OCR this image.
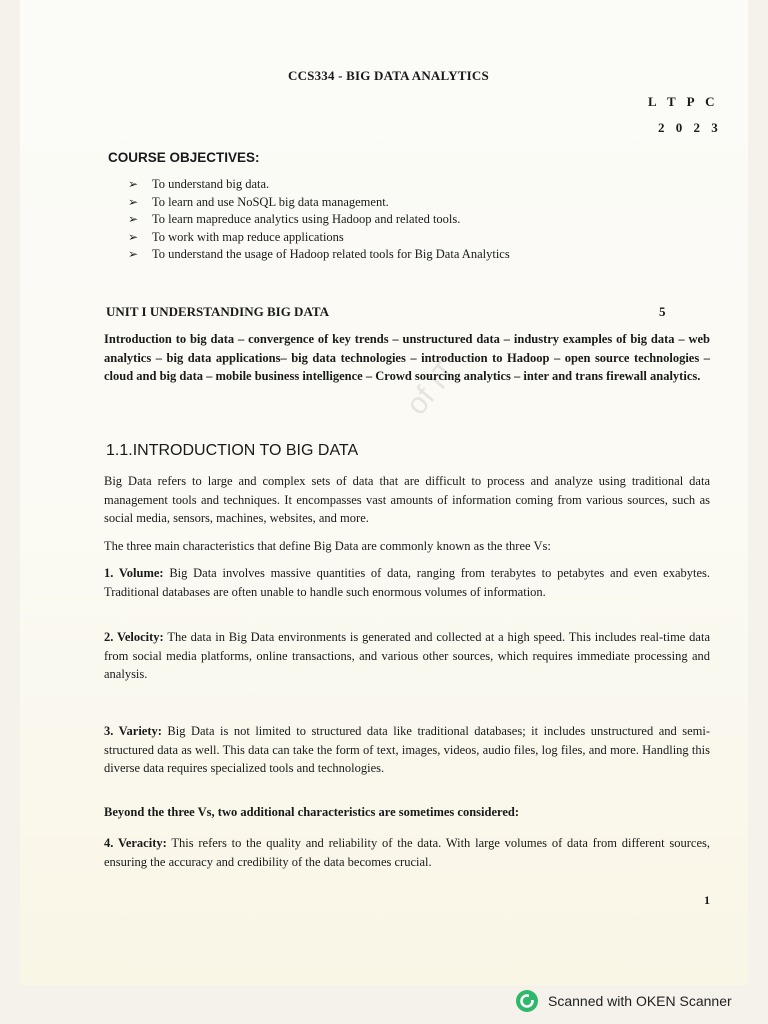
of IT
CCS334 - BIG DATA ANALYTICS
L T P C
2 0 2 3
COURSE OBJECTIVES:
➢ To understand big data.
➢ To learn and use NoSQL big data management.
➢ To learn mapreduce analytics using Hadoop and related tools.
➢ To work with map reduce applications
➢ To understand the usage of Hadoop related tools for Big Data Analytics
UNIT I UNDERSTANDING BIG DATA	5
Introduction to big data – convergence of key trends – unstructured data – industry examples of big data – web analytics – big data applications– big data technologies – introduction to Hadoop – open source technologies – cloud and big data – mobile business intelligence – Crowd sourcing analytics – inter and trans firewall analytics.
1.1.INTRODUCTION TO BIG DATA
Big Data refers to large and complex sets of data that are difficult to process and analyze using traditional data management tools and techniques. It encompasses vast amounts of information coming from various sources, such as social media, sensors, machines, websites, and more.
The three main characteristics that define Big Data are commonly known as the three Vs:
1. Volume: Big Data involves massive quantities of data, ranging from terabytes to petabytes and even exabytes. Traditional databases are often unable to handle such enormous volumes of information.
2. Velocity: The data in Big Data environments is generated and collected at a high speed. This includes real-time data from social media platforms, online transactions, and various other sources, which requires immediate processing and analysis.
3. Variety: Big Data is not limited to structured data like traditional databases; it includes unstructured and semi-structured data as well. This data can take the form of text, images, videos, audio files, log files, and more. Handling this diverse data requires specialized tools and technologies.
Beyond the three Vs, two additional characteristics are sometimes considered:
4. Veracity: This refers to the quality and reliability of the data. With large volumes of data from different sources, ensuring the accuracy and credibility of the data becomes crucial.
1
Scanned with OKEN Scanner
